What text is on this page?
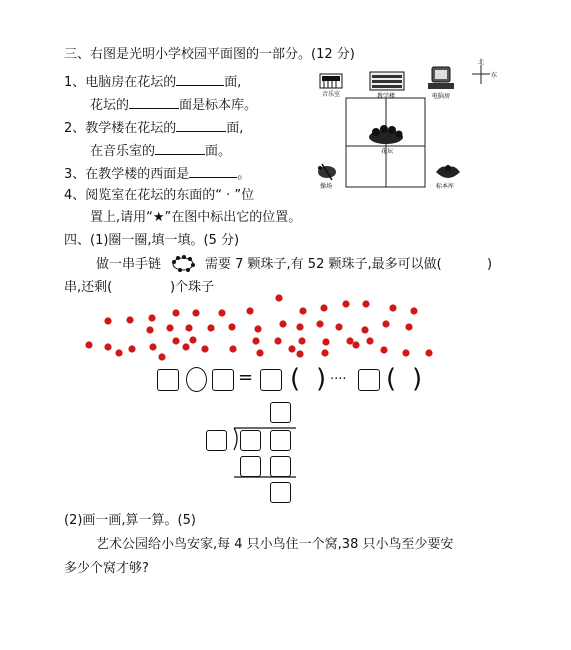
三、右图是光明小学校园平面图的一部分。(12 分)
1、电脑房在花坛的	面,
花坛的	面是标本库。
2、教学楼在花坛的	面,
在音乐室的	面。
3、在教学楼的西面是	。
4、阅览室在花坛的东面的“ · ”位
置上,请用“★”在图中标出它的位置。
北
东
音乐室	教学楼	电脑房
花坛
操场	标本库
四、(1)圈一圈,填一填。(5 分)
做一串手链	需要 7 颗珠子,有 52 颗珠子,最多可以做(	)
串,还剩(	)个珠子
= ( ) ···· ( )
(2)画一画,算一算。(5)
艺术公园给小鸟安家,每 4 只小鸟住一个窝,38 只小鸟至少要安
多少个窝才够?
